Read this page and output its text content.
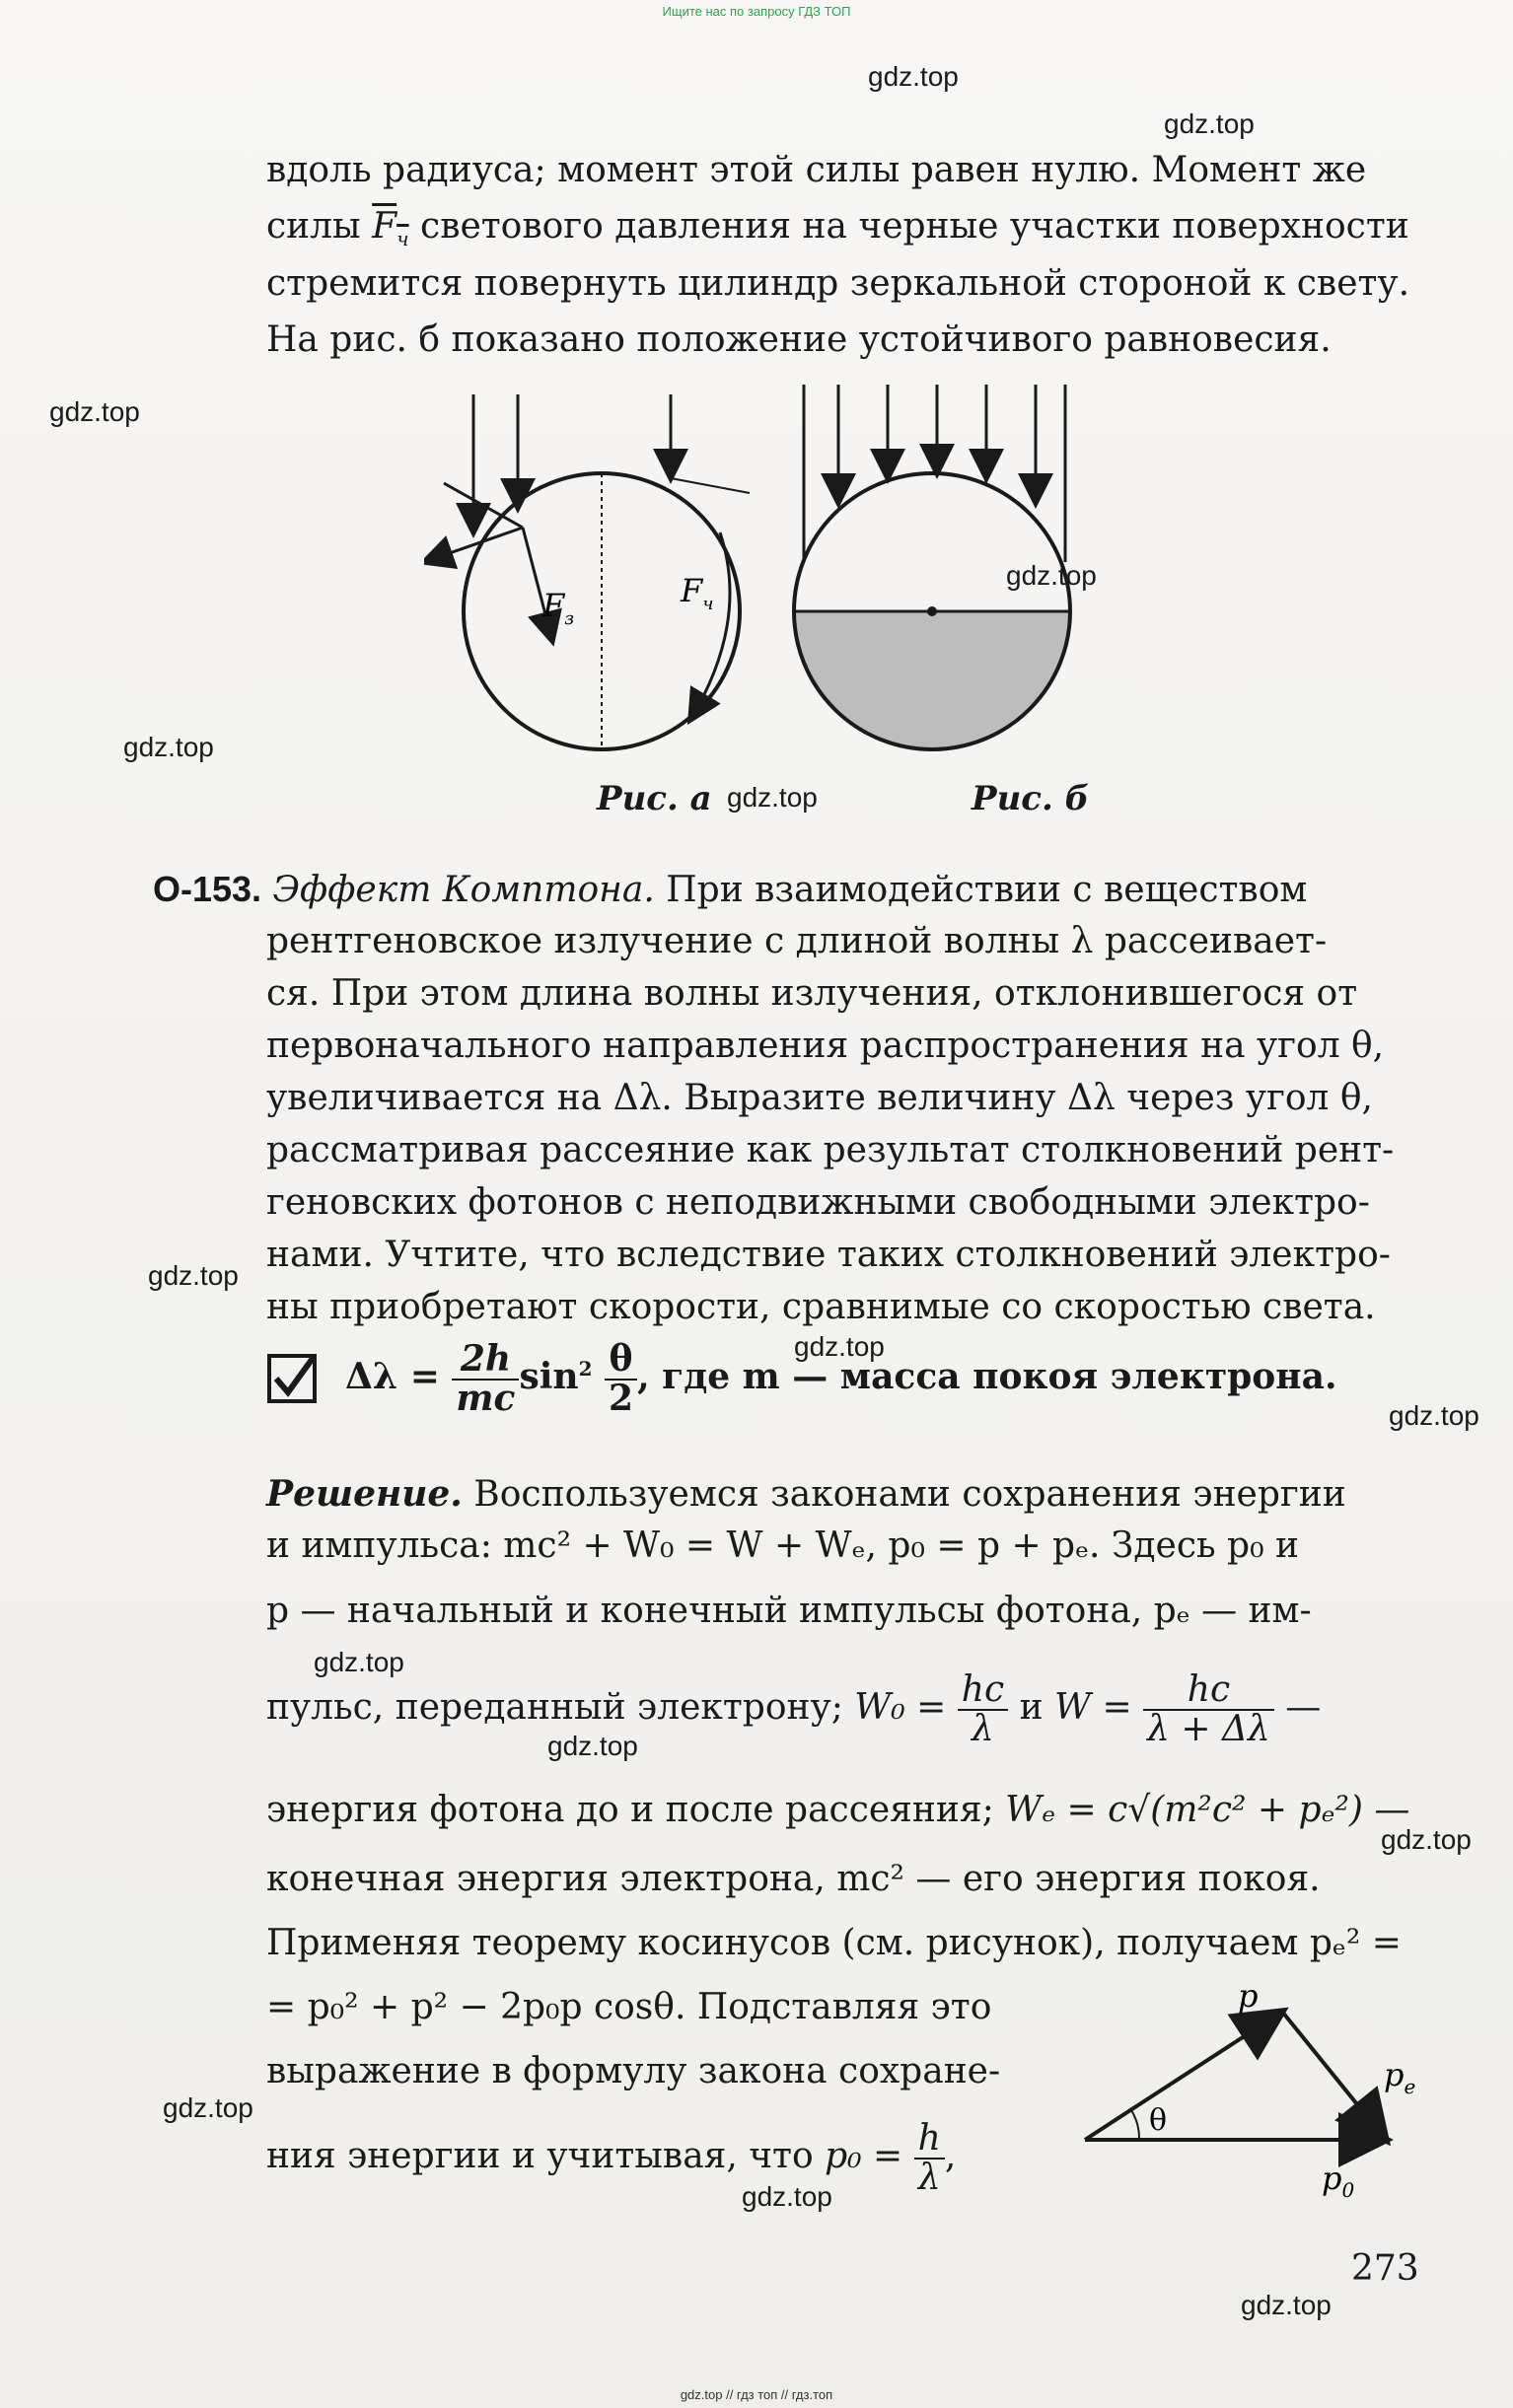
Ищите нас по запросу ГДЗ ТОП
gdz.top
gdz.top
gdz.top
gdz.top
gdz.top
gdz.top
gdz.top
gdz.top
gdz.top
gdz.top
gdz.top
gdz.top
gdz.top
gdz.top
gdz.top
вдоль радиуса; момент этой силы равен нулю. Момент же
силы $F_ч$ светового давления на черные участки поверхности
стремится повернуть цилиндр зеркальной стороной к свету.
На рис. б показано положение устойчивого равновесия.
$F_з$
$F_ч$
Рис. а	Рис. б
О-153. Эффект Комптона. При взаимодействии с веществом
рентгеновское излучение с длиной волны λ рассеивает-
ся. При этом длина волны излучения, отклонившегося от
первоначального направления распространения на угол θ,
увеличивается на Δλ. Выразите величину Δλ через угол θ,
рассматривая рассеяние как результат столкновений рент-
геновских фотонов с неподвижными свободными электро-
нами. Учтите, что вследствие таких столкновений электро-
ны приобретают скорости, сравнимые со скоростью света.
$\Delta\lambda = \frac{2h}{mc} \sin^2 \frac{\theta}{2}$ , где m — масса покоя электрона.
Решение. Воспользуемся законами сохранения энергии
и импульса: mc² + W₀ = W + Wₑ, p₀ = p + pₑ. Здесь p₀ и
p — начальный и конечный импульсы фотона, pₑ — им-
пульс, переданный электрону; $W_0 = \frac{hc}{\lambda}$ и $W = \frac{hc}{\lambda + \Delta\lambda}$ —
энергия фотона до и после рассеяния; Wₑ = c√(m²c² + pₑ²) —
конечная энергия электрона, mc² — его энергия покоя.
Применяя теорему косинусов (см. рисунок), получаем pₑ² =
= p₀² + p² − 2p₀p cosθ. Подставляя это
выражение в формулу закона сохране-
ния энергии и учитывая, что $p_0 = \frac{h}{\lambda}$ ,
θ
p
$p_e$
$p_0$
273
gdz.top // гдз топ // гдз.топ
